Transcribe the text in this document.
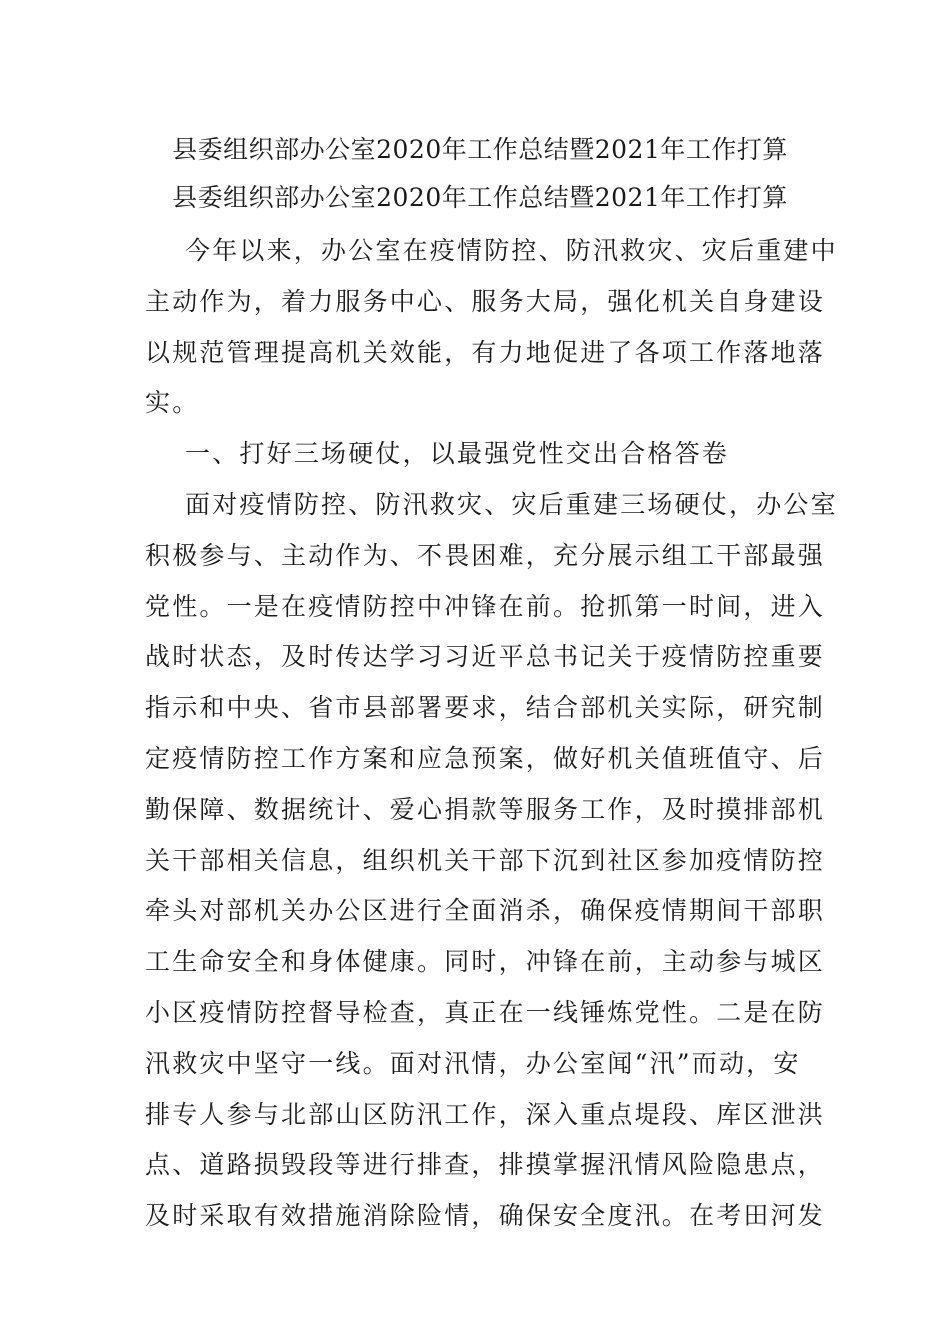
县委组织部办公室2020年工作总结暨2021年工作打算
县委组织部办公室2020年工作总结暨2021年工作打算
今年以来，办公室在疫情防控、防汛救灾、灾后重建中
主动作为，着力服务中心、服务大局，强化机关自身建设
以规范管理提高机关效能，有力地促进了各项工作落地落
实。
一、打好三场硬仗，以最强党性交出合格答卷
面对疫情防控、防汛救灾、灾后重建三场硬仗，办公室
积极参与、主动作为、不畏困难，充分展示组工干部最强
党性。一是在疫情防控中冲锋在前。抢抓第一时间，进入
战时状态，及时传达学习习近平总书记关于疫情防控重要
指示和中央、省市县部署要求，结合部机关实际，研究制
定疫情防控工作方案和应急预案，做好机关值班值守、后
勤保障、数据统计、爱心捐款等服务工作，及时摸排部机
关干部相关信息，组织机关干部下沉到社区参加疫情防控
牵头对部机关办公区进行全面消杀，确保疫情期间干部职
工生命安全和身体健康。同时，冲锋在前，主动参与城区
小区疫情防控督导检查，真正在一线锤炼党性。二是在防
汛救灾中坚守一线。面对汛情，办公室闻“汛”而动，安
排专人参与北部山区防汛工作，深入重点堤段、库区泄洪
点、道路损毁段等进行排查，排摸掌握汛情风险隐患点，
及时采取有效措施消除险情，确保安全度汛。在考田河发
